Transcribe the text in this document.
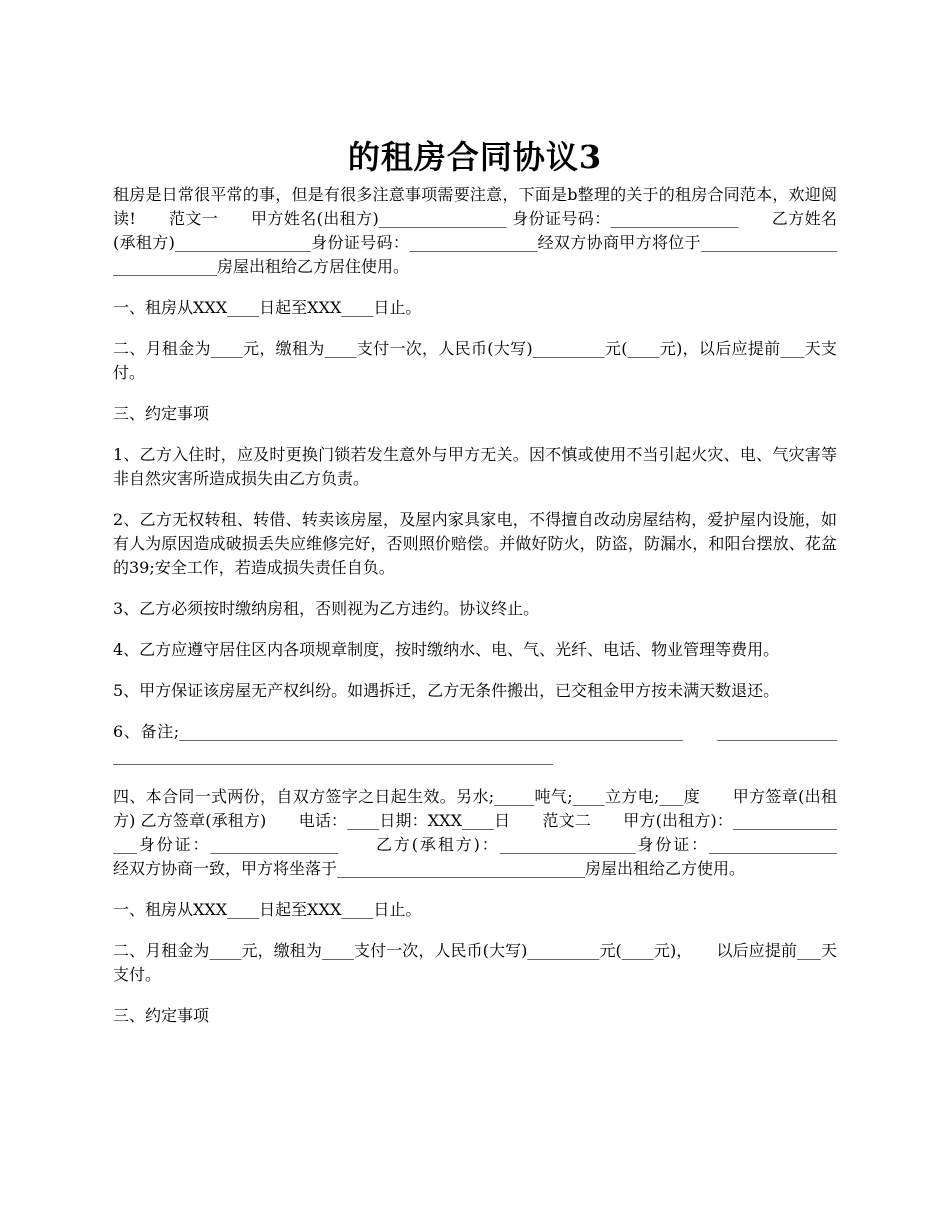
的租房合同协议3

租房是日常很平常的事，但是有很多注意事项需要注意，下面是b整理的关于的租房合同范本，欢迎阅读!　　范文一　　甲方姓名(出租方)________________ 身份证号码：________________　　乙方姓名(承租方)_________________身份证号码：________________经双方协商甲方将位于______________________________房屋出租给乙方居住使用。

一、租房从XXX____日起至XXX____日止。

二、月租金为____元，缴租为____支付一次，人民币(大写)_________元(____元)，以后应提前___天支付。

三、约定事项

1、乙方入住时，应及时更换门锁若发生意外与甲方无关。因不慎或使用不当引起火灾、电、气灾害等非自然灾害所造成损失由乙方负责。

2、乙方无权转租、转借、转卖该房屋，及屋内家具家电，不得擅自改动房屋结构，爱护屋内设施，如有人为原因造成破损丢失应维修完好，否则照价赔偿。并做好防火，防盗，防漏水，和阳台摆放、花盆的39;安全工作，若造成损失责任自负。

3、乙方必须按时缴纳房租，否则视为乙方违约。协议终止。

4、乙方应遵守居住区内各项规章制度，按时缴纳水、电、气、光纤、电话、物业管理等费用。

5、甲方保证该房屋无产权纠纷。如遇拆迁，乙方无条件搬出，已交租金甲方按未满天数退还。

6、备注;_______________________________________________________________　　______________________________________________________________________

四、本合同一式两份，自双方签字之日起生效。另水;_____吨气;____立方电;___度　　甲方签章(出租方) 乙方签章(承租方)　　电话：____日期：XXX____日　　范文二　　甲方(出租方)：________________身份证：________________　　乙方(承租方)：_________________身份证：________________　　经双方协商一致，甲方将坐落于_______________________________房屋出租给乙方使用。

一、租房从XXX____日起至XXX____日止。

二、月租金为____元，缴租为____支付一次，人民币(大写)_________元(____元)，　　以后应提前___天支付。

三、约定事项
